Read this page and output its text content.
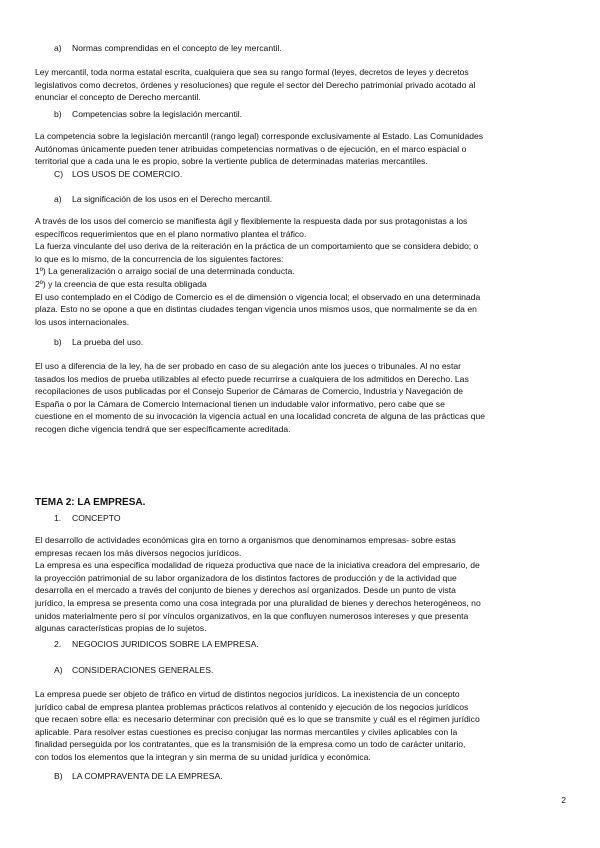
a) Normas comprendidas en el concepto de ley mercantil.

Ley mercantil, toda norma estatal escrita, cualquiera que sea su rango formal (leyes, decretos de leyes y decretos
legislativos como decretos, órdenes y resoluciones) que regule el sector del Derecho patrimonial privado acotado al
enunciar el concepto de Derecho mercantil.

b) Competencias sobre la legislación mercantil.

La competencia sobre la legislación mercantil (rango legal) corresponde exclusivamente al Estado. Las Comunidades
Autónomas únicamente pueden tener atribuidas competencias normativas o de ejecución, en el marco espacial o
territorial que a cada una le es propio, sobre la vertiente publica de determinadas materias mercantiles.

C) LOS USOS DE COMERCIO.

a) La significación de los usos en el Derecho mercantil.

A través de los usos del comercio se manifiesta ágil y flexiblemente la respuesta dada por sus protagonistas a los
específicos requerimientos que en el plano normativo plantea el tráfico.
La fuerza vinculante del uso deriva de la reiteración en la práctica de un comportamiento que se considera debido; o
lo que es lo mismo, de la concurrencia de los siguientes factores:
1º) La generalización o arraigo social de una determinada conducta.
2º) y la creencia de que esta resulta obligada
El uso contemplado en el Código de Comercio es el de dimensión o vigencia local; el observado en una determinada
plaza. Esto no se opone a que en distintas ciudades tengan vigencia unos mismos usos, que normalmente se da en
los usos internacionales.

b) La prueba del uso.

El uso a diferencia de la ley, ha de ser probado en caso de su alegación ante los jueces o tribunales. Al no estar
tasados los medios de prueba utilizables al efecto puede recurrirse a cualquiera de los admitidos en Derecho. Las
recopilaciones de usos publicadas por el Consejo Superior de Cámaras de Comercio, Industria y Navegación de
España o por la Cámara de Comercio Internacional tienen un indudable valor informativo, pero cabe que se
cuestione en el momento de su invocación la vigencia actual en una localidad concreta de alguna de las prácticas que
recogen diche vigencia tendrá que ser específicamente acreditada.

TEMA 2: LA EMPRESA.

1. CONCEPTO

El desarrollo de actividades económicas gira en torno a organismos que denominamos empresas- sobre estas
empresas recaen los más diversos negocios jurídicos.
La empresa es una especifica modalidad de riqueza productiva que nace de la iniciativa creadora del empresario, de
la proyección patrimonial de su labor organizadora de los distintos factores de producción y de la actividad que
desarrolla en el mercado a través del conjunto de bienes y derechos así organizados. Desde un punto de vista
jurídico, la empresa se presenta como una cosa integrada por una pluralidad de bienes y derechos heterogéneos, no
unidos materialmente pero sí por vínculos organizativos, en la que confluyen numerosos intereses y que presenta
algunas características propias de lo sujetos.

2. NEGOCIOS JURIDICOS SOBRE LA EMPRESA.

A) CONSIDERACIONES GENERALES.

La empresa puede ser objeto de tráfico en virtud de distintos negocios jurídicos. La inexistencia de un concepto
jurídico cabal de empresa plantea problemas prácticos relativos al contenido y ejecución de los negocios jurídicos
que recaen sobre ella: es necesario determinar con precisión qué es lo que se transmite y cuál es el régimen jurídico
aplicable. Para resolver estas cuestiones es preciso conjugar las normas mercantiles y civiles aplicables con la
finalidad perseguida por los contratantes, que es la transmisión de la empresa como un todo de carácter unitario,
con todos los elementos que la integran y sin merma de su unidad jurídica y económica.

B) LA COMPRAVENTA DE LA EMPRESA.

2
